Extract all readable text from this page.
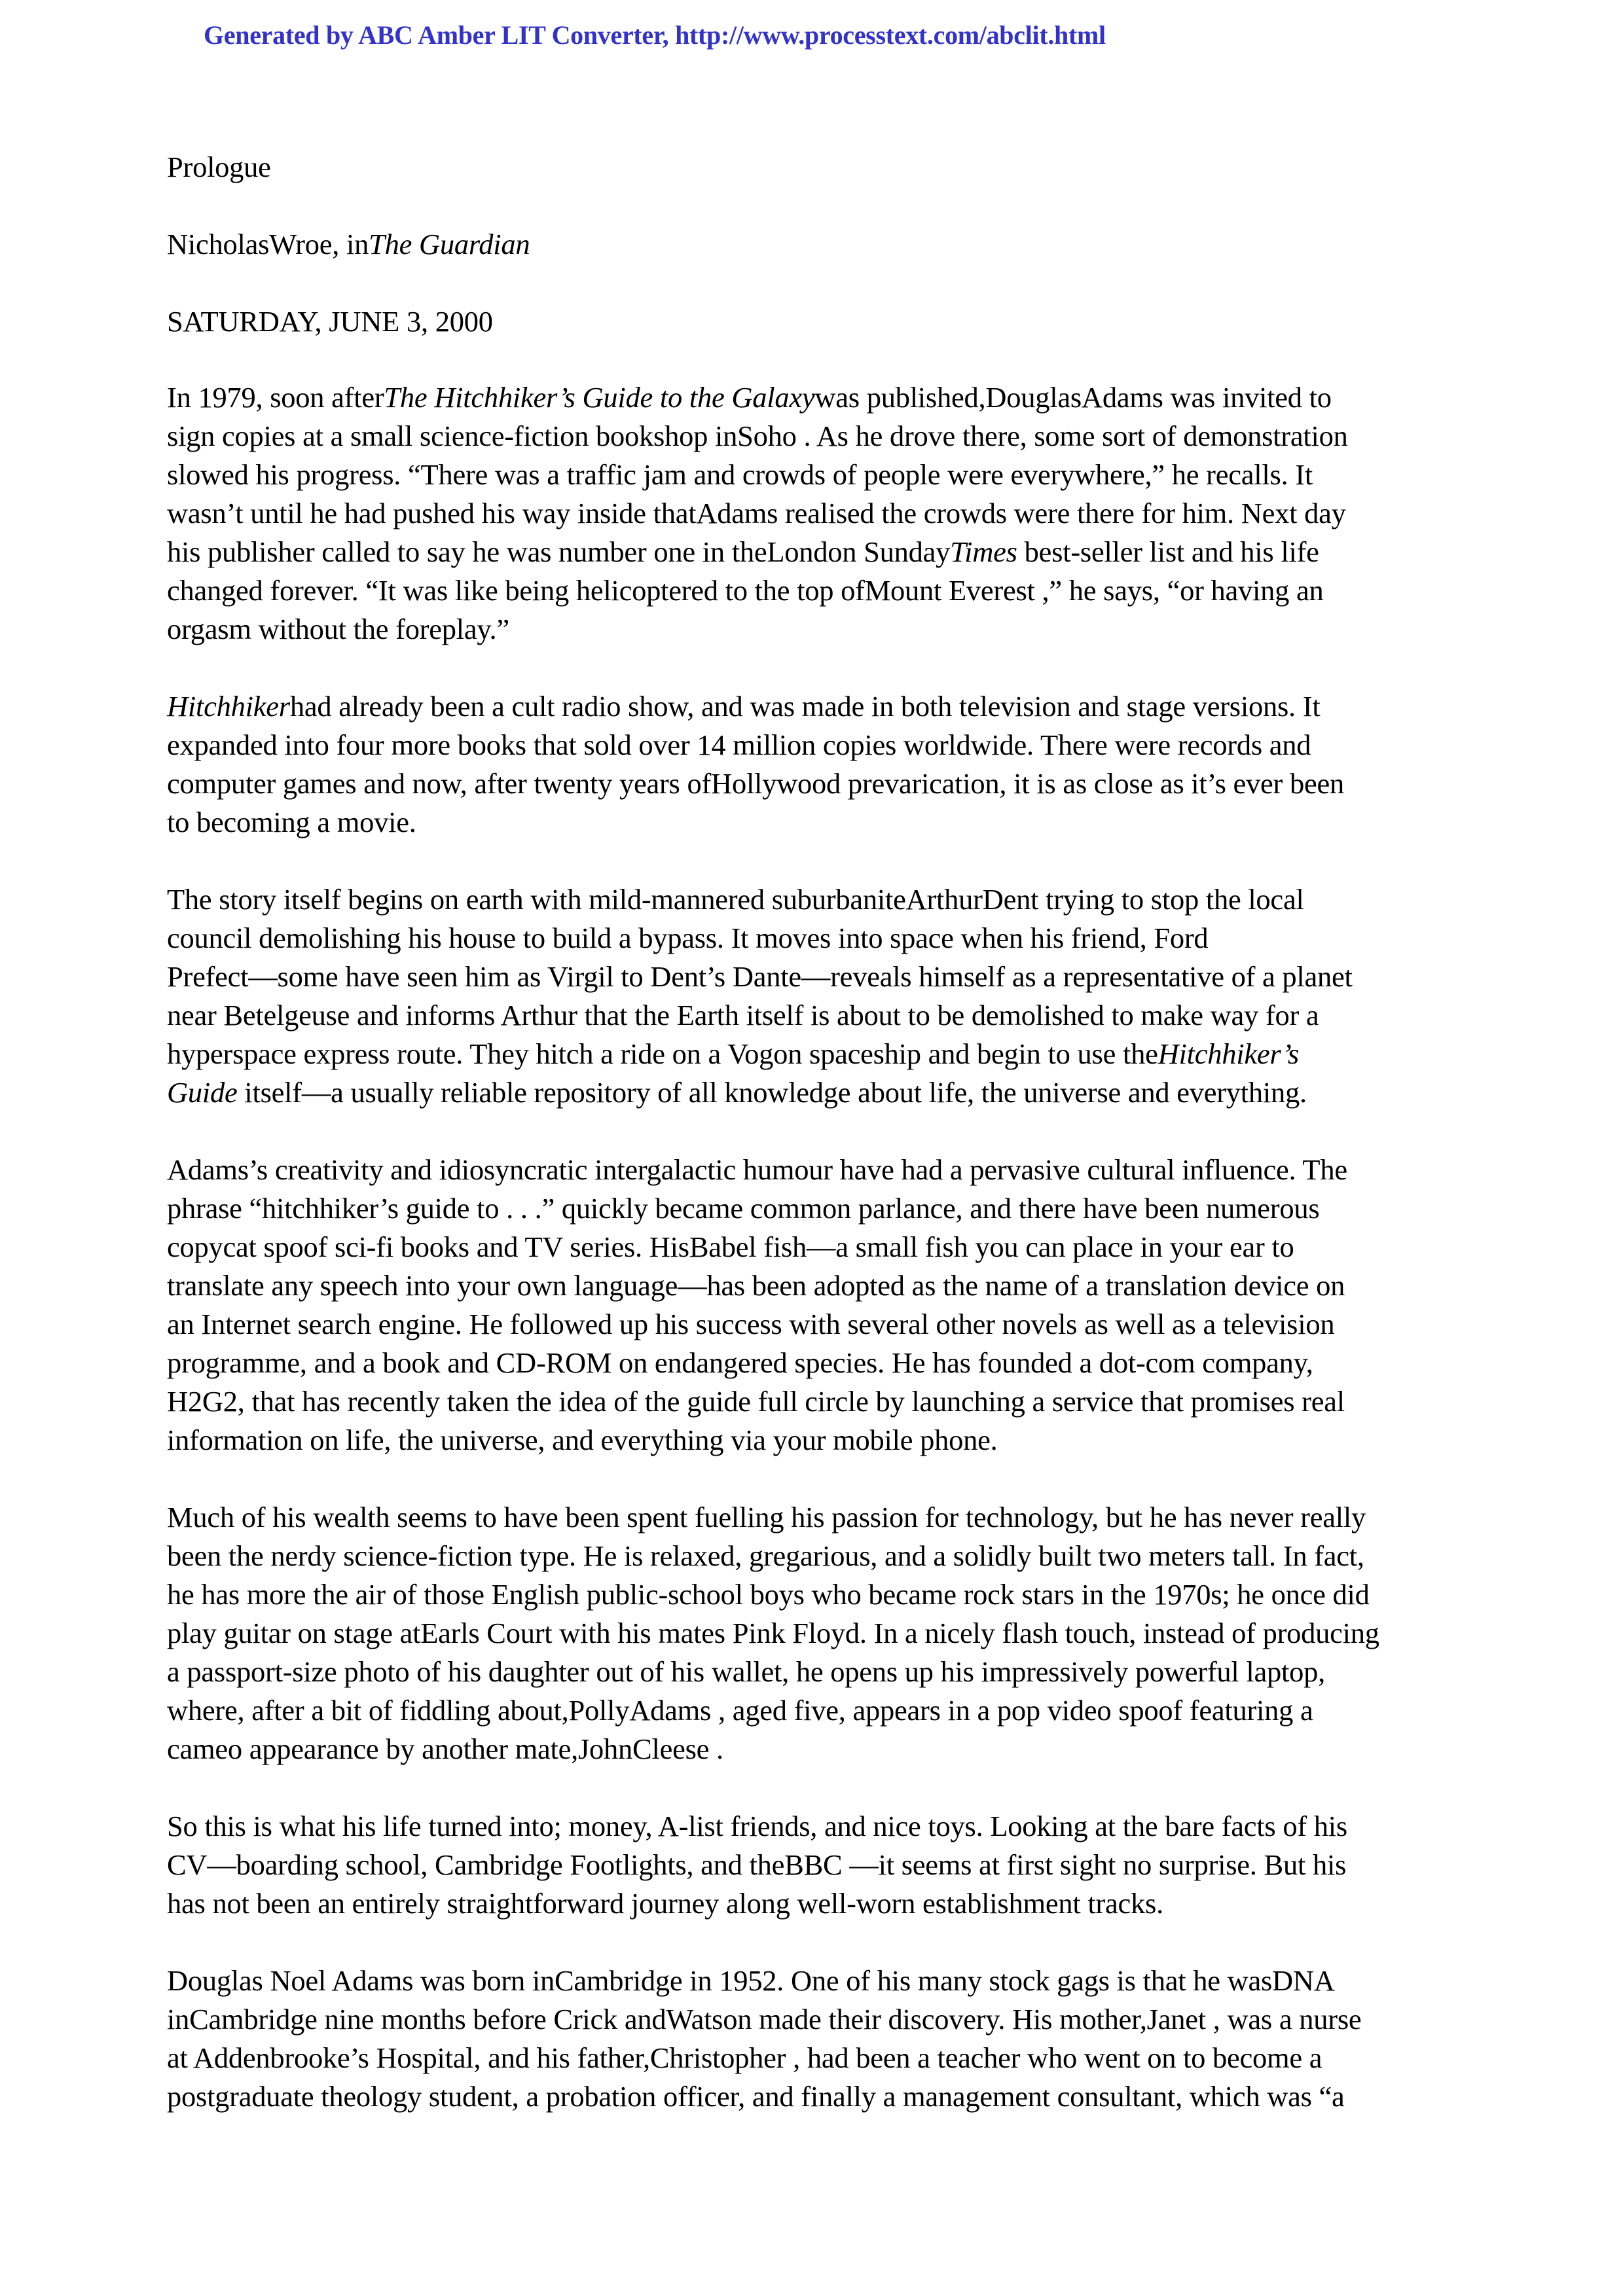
Generated by ABC Amber LIT Converter, http://www.processtext.com/abclit.html

Prologue

NicholasWroe, inThe Guardian

SATURDAY, JUNE 3, 2000

In 1979, soon afterThe Hitchhiker’s Guide to the Galaxywas published,DouglasAdams was invited to
sign copies at a small science-fiction bookshop inSoho . As he drove there, some sort of demonstration
slowed his progress. “There was a traffic jam and crowds of people were everywhere,” he recalls. It
wasn’t until he had pushed his way inside thatAdams realised the crowds were there for him. Next day
his publisher called to say he was number one in theLondon SundayTimes best-seller list and his life
changed forever. “It was like being helicoptered to the top ofMount Everest ,” he says, “or having an
orgasm without the foreplay.”

Hitchhikerhad already been a cult radio show, and was made in both television and stage versions. It
expanded into four more books that sold over 14 million copies worldwide. There were records and
computer games and now, after twenty years ofHollywood prevarication, it is as close as it’s ever been
to becoming a movie.

The story itself begins on earth with mild-mannered suburbaniteArthurDent trying to stop the local
council demolishing his house to build a bypass. It moves into space when his friend, Ford
Prefect—some have seen him as Virgil to Dent’s Dante—reveals himself as a representative of a planet
near Betelgeuse and informs Arthur that the Earth itself is about to be demolished to make way for a
hyperspace express route. They hitch a ride on a Vogon spaceship and begin to use theHitchhiker’s
Guide itself—a usually reliable repository of all knowledge about life, the universe and everything.

Adams’s creativity and idiosyncratic intergalactic humour have had a pervasive cultural influence. The
phrase “hitchhiker’s guide to . . .” quickly became common parlance, and there have been numerous
copycat spoof sci-fi books and TV series. HisBabel fish—a small fish you can place in your ear to
translate any speech into your own language—has been adopted as the name of a translation device on
an Internet search engine. He followed up his success with several other novels as well as a television
programme, and a book and CD-ROM on endangered species. He has founded a dot-com company,
H2G2, that has recently taken the idea of the guide full circle by launching a service that promises real
information on life, the universe, and everything via your mobile phone.

Much of his wealth seems to have been spent fuelling his passion for technology, but he has never really
been the nerdy science-fiction type. He is relaxed, gregarious, and a solidly built two meters tall. In fact,
he has more the air of those English public-school boys who became rock stars in the 1970s; he once did
play guitar on stage atEarls Court with his mates Pink Floyd. In a nicely flash touch, instead of producing
a passport-size photo of his daughter out of his wallet, he opens up his impressively powerful laptop,
where, after a bit of fiddling about,PollyAdams , aged five, appears in a pop video spoof featuring a
cameo appearance by another mate,JohnCleese .

So this is what his life turned into; money, A-list friends, and nice toys. Looking at the bare facts of his
CV—boarding school, Cambridge Footlights, and theBBC —it seems at first sight no surprise. But his
has not been an entirely straightforward journey along well-worn establishment tracks.

Douglas Noel Adams was born inCambridge in 1952. One of his many stock gags is that he wasDNA
inCambridge nine months before Crick andWatson made their discovery. His mother,Janet , was a nurse
at Addenbrooke’s Hospital, and his father,Christopher , had been a teacher who went on to become a
postgraduate theology student, a probation officer, and finally a management consultant, which was “a
